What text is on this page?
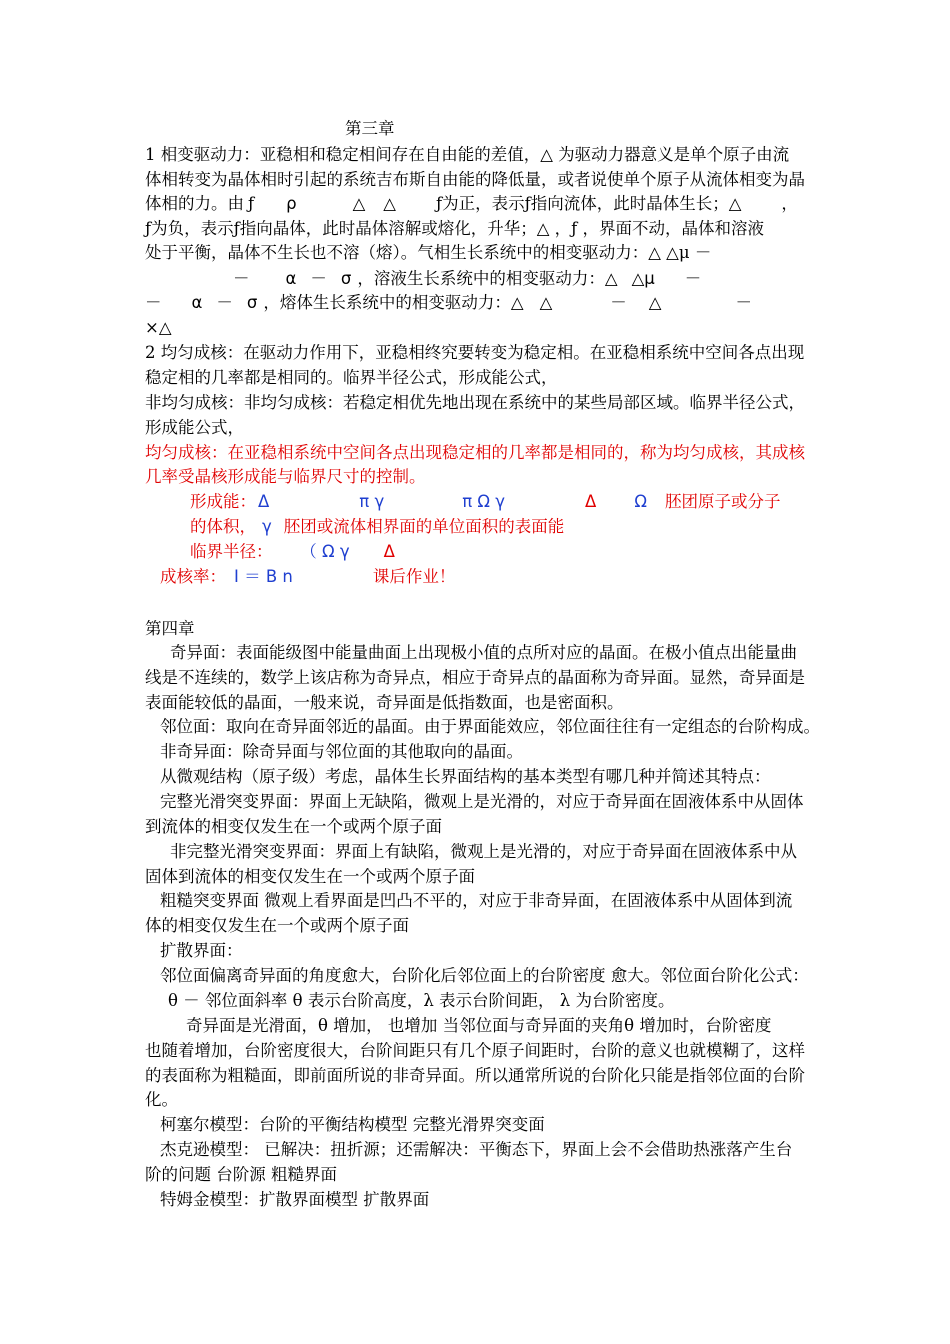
第三章
1 相变驱动力：亚稳相和稳定相间存在自由能的差值，△ 为驱动力器意义是单个原子由流
体相转变为晶体相时引起的系统吉布斯自由能的降低量，或者说使单个原子从流体相变为晶
体相的力。由 ƒ ρ	△ △ ƒ为正，表示ƒ指向流体，此时晶体生长；△ ，
ƒ为负，表示ƒ指向晶体，此时晶体溶解或熔化，升华；△ ，ƒ ，界面不动，晶体和溶液
处于平衡，晶体不生长也不溶（熔）。气相生长系统中的相变驱动力：△ △μ －
－ α － σ ，溶液生长系统中的相变驱动力：△ △μ －
－ α － σ ，熔体生长系统中的相变驱动力：△ △	－ △	－
×△
2 均匀成核：在驱动力作用下，亚稳相终究要转变为稳定相。在亚稳相系统中空间各点出现
稳定相的几率都是相同的。临界半径公式，形成能公式，
非均匀成核：非均匀成核：若稳定相优先地出现在系统中的某些局部区域。临界半径公式，
形成能公式，
均匀成核：在亚稳相系统中空间各点出现稳定相的几率都是相同的，称为均匀成核，其成核
几率受晶核形成能与临界尺寸的控制。
形成能： Δ	π γ	π Ω γ	Δ Ω 胚团原子或分子
的体积， γ 胚团或流体相界面的单位面积的表面能
临界半径： （ Ω γ Δ
成核率： I ＝ B n	课后作业！
第四章
奇异面：表面能级图中能量曲面上出现极小值的点所对应的晶面。在极小值点出能量曲
线是不连续的，数学上该店称为奇异点，相应于奇异点的晶面称为奇异面。显然，奇异面是
表面能较低的晶面，一般来说，奇异面是低指数面，也是密面积。
邻位面：取向在奇异面邻近的晶面。由于界面能效应，邻位面往往有一定组态的台阶构成。
非奇异面：除奇异面与邻位面的其他取向的晶面。
从微观结构（原子级）考虑，晶体生长界面结构的基本类型有哪几种并简述其特点：
完整光滑突变界面：界面上无缺陷，微观上是光滑的，对应于奇异面在固液体系中从固体
到流体的相变仅发生在一个或两个原子面
非完整光滑突变界面：界面上有缺陷，微观上是光滑的，对应于奇异面在固液体系中从
固体到流体的相变仅发生在一个或两个原子面
粗糙突变界面 微观上看界面是凹凸不平的，对应于非奇异面，在固液体系中从固体到流
体的相变仅发生在一个或两个原子面
扩散界面：
邻位面偏离奇异面的角度愈大，台阶化后邻位面上的台阶密度 愈大。邻位面台阶化公式：
θ － 邻位面斜率 θ 表示台阶高度，λ 表示台阶间距， λ 为台阶密度。
奇异面是光滑面，θ 增加， 也增加 当邻位面与奇异面的夹角θ 增加时，台阶密度
也随着增加，台阶密度很大，台阶间距只有几个原子间距时，台阶的意义也就模糊了，这样
的表面称为粗糙面，即前面所说的非奇异面。所以通常所说的台阶化只能是指邻位面的台阶
化。
柯塞尔模型：台阶的平衡结构模型 完整光滑界突变面
杰克逊模型： 已解决：扭折源；还需解决：平衡态下，界面上会不会借助热涨落产生台
阶的问题 台阶源 粗糙界面
特姆金模型：扩散界面模型 扩散界面
